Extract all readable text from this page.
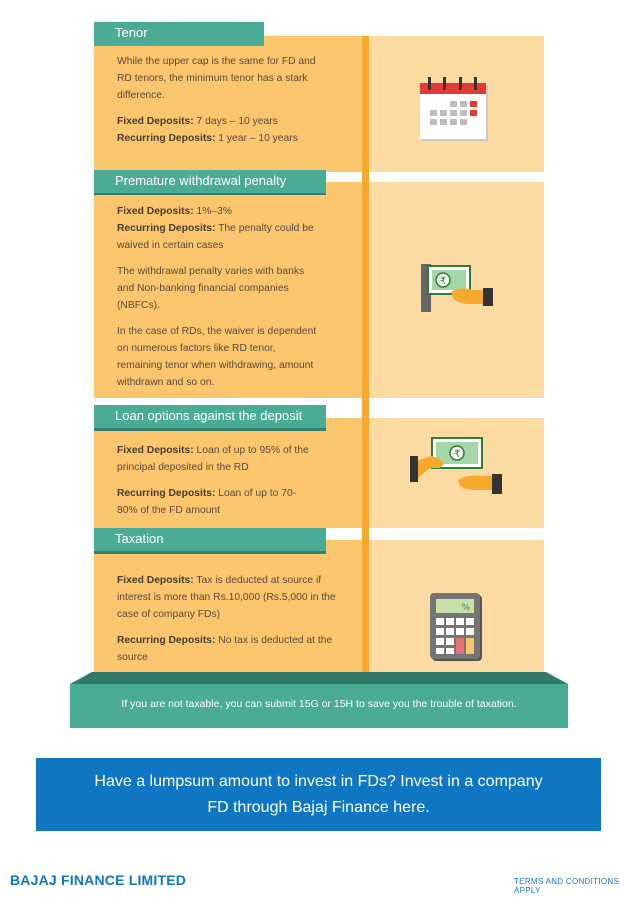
Tenor
Premature withdrawal penalty
Loan options against the deposit
Taxation

While the upper cap is the same for FD and RD tenors, the minimum tenor has a stark difference.

Fixed Deposits: 7 days – 10 years
Recurring Deposits: 1 year – 10 years

Fixed Deposits: 1%–3%
Recurring Deposits: The penalty could be waived in certain cases

The withdrawal penalty varies with banks and Non-banking financial companies (NBFCs).

In the case of RDs, the waiver is dependent on numerous factors like RD tenor, remaining tenor when withdrawing, amount withdrawn and so on.

Fixed Deposits: Loan of up to 95% of the principal deposited in the RD

Recurring Deposits: Loan of up to 70-80% of the FD amount

Fixed Deposits: Tax is deducted at source if interest is more than Rs.10,000 (Rs.5,000 in the case of company FDs)

Recurring Deposits: No tax is deducted at the source

₹
₹
%
If you are not taxable, you can submit 15G or 15H to save you the trouble of taxation.
Have a lumpsum amount to invest in FDs? Invest in a company
FD through Bajaj Finance here.
BAJAJ FINANCE LIMITED	TERMS AND CONDITIONS APPLY
